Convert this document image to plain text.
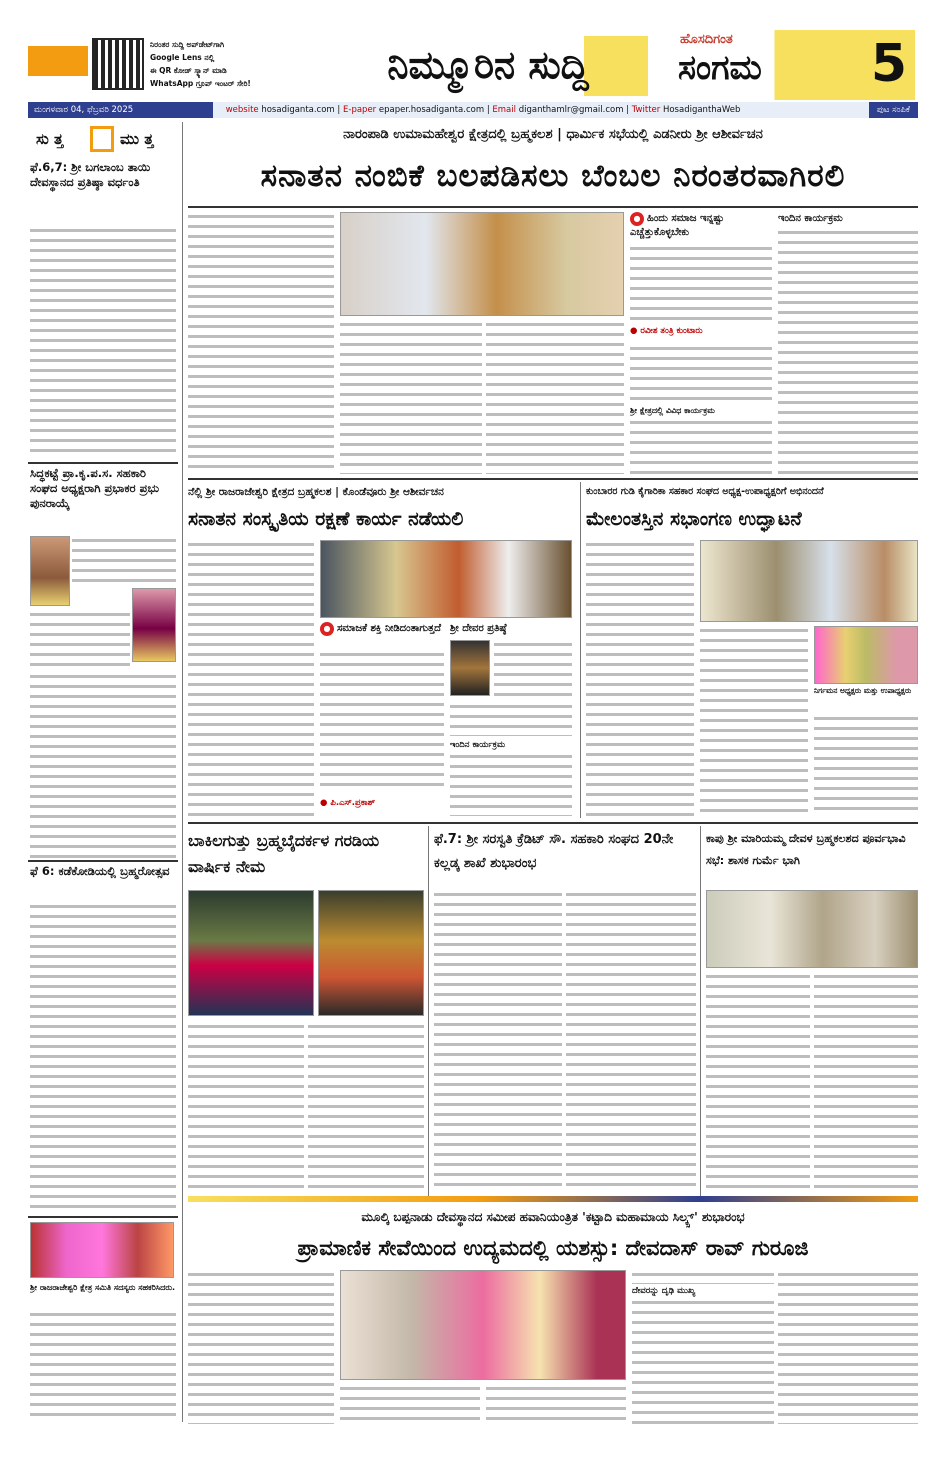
ನಿರಂತರ ಸುದ್ದಿ ಅಪ್‌ಡೇಟ್‌ಗಾಗಿ
Google Lens ನಲ್ಲಿ
ಈ QR ಕೋಡ್ ಸ್ಕ್ಯಾನ್ ಮಾಡಿ
WhatsApp ಗ್ರೂಪ್ ಇಂಟರ್ ಸೇರಿ!	ನಿಮ್ಮೂರಿನ ಸುದ್ದಿ
ಹೊಸದಿಗಂತ
ಸಂಗಮ 5
ಮಂಗಳವಾರ 04, ಫೆಬ್ರವರಿ 2025	website hosadiganta.com | E-paper epaper.hosadiganta.com | Email diganthamlr@gmail.com | Twitter HosadiganthaWeb	ಪುಟ ಸಂಪಿಕೆ
ಸು ತ್ತ	ಮು ತ್ತ
ಫೆ.6,7: ಶ್ರೀ ಬಗಲಾಂಬ ತಾಯಿ ದೇವಸ್ಥಾನದ ಪ್ರತಿಷ್ಠಾ ವರ್ಧಂತಿ
ಸಿದ್ಧಕಟ್ಟೆ ಪ್ರಾ.ಕೃ.ಪ.ಸ. ಸಹಕಾರಿ ಸಂಘದ ಅಧ್ಯಕ್ಷರಾಗಿ ಪ್ರಭಾಕರ ಪ್ರಭು ಪುನರಾಯ್ಕೆ
ಫೆ 6: ಕಡೆಕೋಡಿಯಲ್ಲಿ ಬ್ರಹ್ಮರೋತ್ಸವ
ಶ್ರೀ ರಾಜರಾಜೇಶ್ವರಿ ಕ್ಷೇತ್ರ ಸಮಿತಿ ಸದಸ್ಯರು ಸಹಕರಿಸಿದರು.
ನಾರಂಪಾಡಿ ಉಮಾಮಹೇಶ್ವರ ಕ್ಷೇತ್ರದಲ್ಲಿ ಬ್ರಹ್ಮಕಲಶ | ಧಾರ್ಮಿಕ ಸಭೆಯಲ್ಲಿ ಎಡನೀರು ಶ್ರೀ ಆಶೀರ್ವಚನ
ಸನಾತನ ನಂಬಿಕೆ ಬಲಪಡಿಸಲು ಬೆಂಬಲ ನಿರಂತರವಾಗಿರಲಿ
● ಹಿಂದು ಸಮಾಜ ಇನ್ನಷ್ಟು ಎಚ್ಚೆತ್ತುಕೊಳ್ಳಬೇಕು
● ರವೀಶ ತಂತ್ರಿ ಕುಂಟಾರು
ಶ್ರೀ ಕ್ಷೇತ್ರದಲ್ಲಿ ವಿವಿಧ ಕಾರ್ಯಕ್ರಮ
ಇಂದಿನ ಕಾರ್ಯಕ್ರಮ
ನೆಲ್ಲಿ ಶ್ರೀ ರಾಜರಾಜೇಶ್ವರಿ ಕ್ಷೇತ್ರದ ಬ್ರಹ್ಮಕಲಶ | ಕೊಂಡೆವೂರು ಶ್ರೀ ಆಶೀರ್ವಚನ
ಸನಾತನ ಸಂಸ್ಕೃತಿಯ ರಕ್ಷಣೆ ಕಾರ್ಯ ನಡೆಯಲಿ
● ಸಮಾಜಕೆ ಶಕ್ತಿ ನೀಡಿದಂತಾಗುತ್ತದೆ
● ಪಿ.ಎಸ್.ಪ್ರಕಾಶ್
ಶ್ರೀ ದೇವರ ಪ್ರತಿಷ್ಠೆ
ಇಂದಿನ ಕಾರ್ಯಕ್ರಮ
ಕುಂಬಾರರ ಗುಡಿ ಕೈಗಾರಿಕಾ ಸಹಕಾರ ಸಂಘದ ಅಧ್ಯಕ್ಷ-ಉಪಾಧ್ಯಕ್ಷರಿಗೆ ಅಭಿನಂದನೆ
ಮೇಲಂತಸ್ತಿನ ಸಭಾಂಗಣ ಉದ್ಘಾಟನೆ
ನಿರ್ಗಮನ ಅಧ್ಯಕ್ಷರು ಮತ್ತು ಉಪಾಧ್ಯಕ್ಷರು
ಬಾಕಿಲಗುತ್ತು ಬ್ರಹ್ಮಬೈದರ್ಕಳ ಗರಡಿಯ ವಾರ್ಷಿಕ ನೇಮ
ಫೆ.7: ಶ್ರೀ ಸರಸ್ವತಿ ಕ್ರೆಡಿಟ್ ಸೌ. ಸಹಕಾರಿ ಸಂಘದ 20ನೇ ಕಲ್ಲಡ್ಕ ಶಾಖೆ ಶುಭಾರಂಭ
ಕಾಪು ಶ್ರೀ ಮಾರಿಯಮ್ಮ ದೇವಳ ಬ್ರಹ್ಮಕಲಶದ ಪೂರ್ವಭಾವಿ ಸಭೆ: ಶಾಸಕ ಗುರ್ಮೆ ಭಾಗಿ
ಮೂಲ್ಕಿ ಬಪ್ಪನಾಡು ದೇವಸ್ಥಾನದ ಸಮೀಪ ಹವಾನಿಯಂತ್ರಿತ 'ಕಟ್ಟಾದಿ ಮಹಾಮಾಯ ಸಿಲ್ಕ್ಸ್' ಶುಭಾರಂಭ
ಪ್ರಾಮಾಣಿಕ ಸೇವೆಯಿಂದ ಉದ್ಯಮದಲ್ಲಿ ಯಶಸ್ಸು: ದೇವದಾಸ್ ರಾವ್ ಗುರೂಜಿ
ದೇವರನ್ನು ದೃಢಿ ಮುಖ್ಯ
